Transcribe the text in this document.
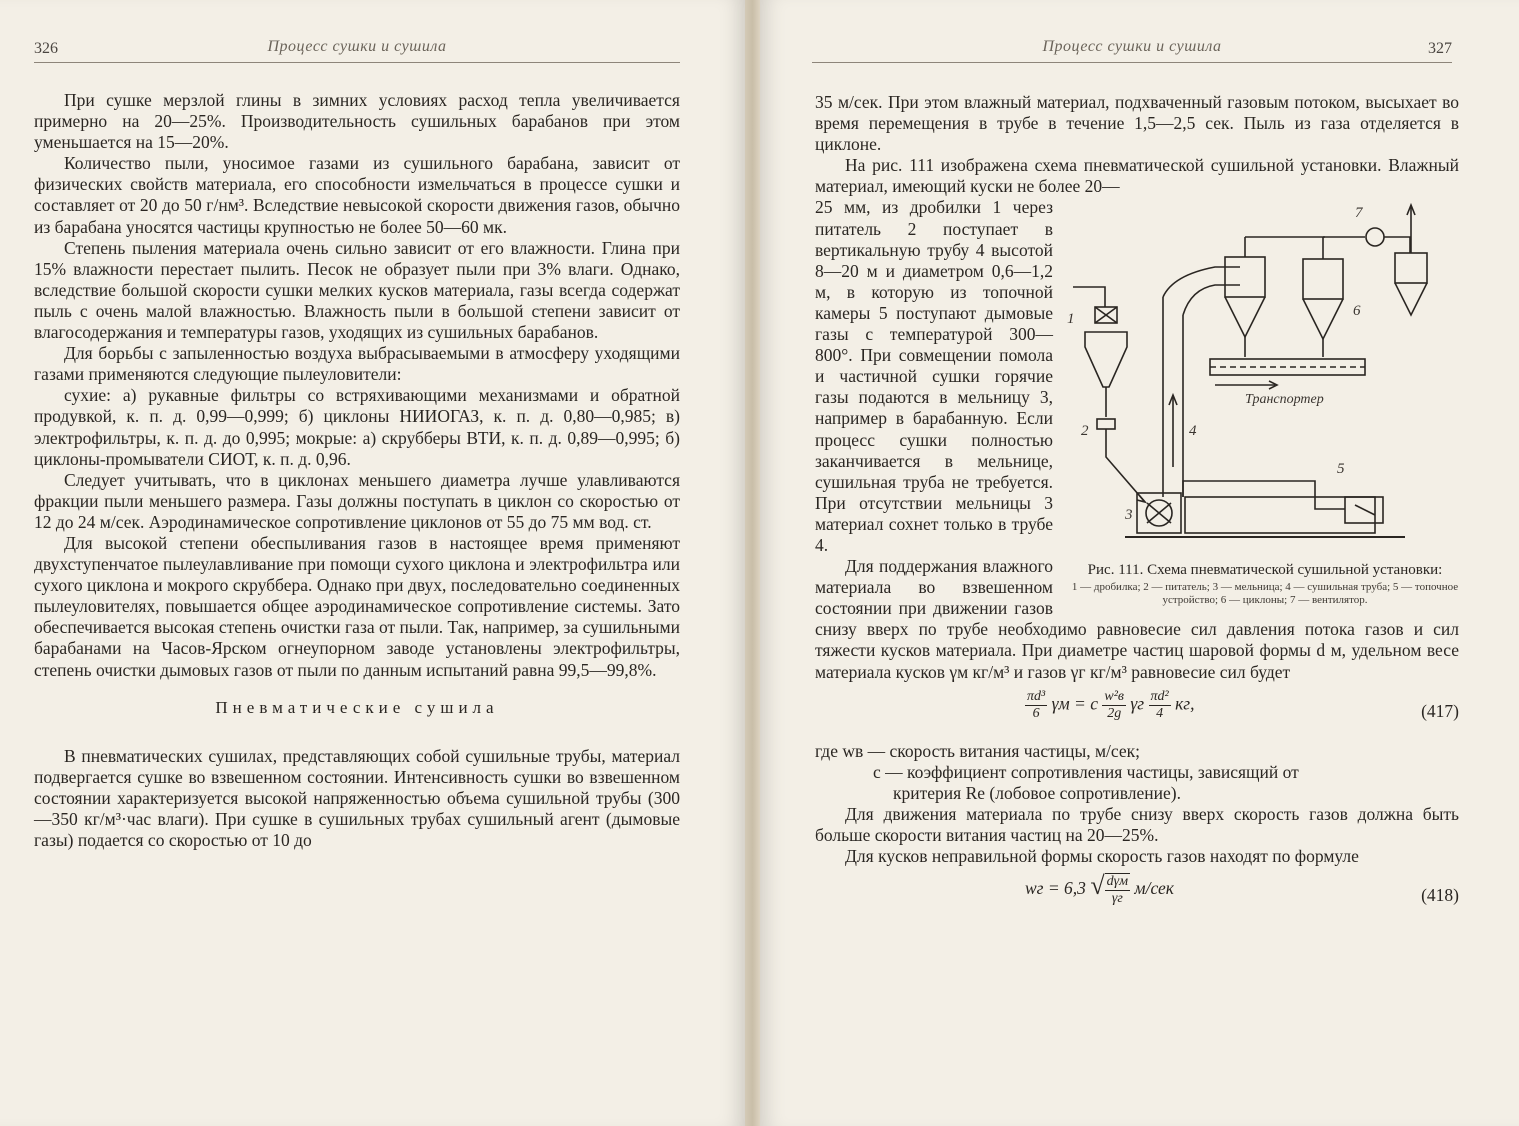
326	Процесс сушки и сушила

При сушке мерзлой глины в зимних условиях расход тепла увеличивается примерно на 20—25%. Производительность сушильных барабанов при этом уменьшается на 15—20%.

Количество пыли, уносимое газами из сушильного барабана, зависит от физических свойств материала, его способности измельчаться в процессе сушки и составляет от 20 до 50 г/нм³. Вследствие невысокой скорости движения газов, обычно из барабана уносятся частицы крупностью не более 50—60 мк.

Степень пыления материала очень сильно зависит от его влажности. Глина при 15% влажности перестает пылить. Песок не образует пыли при 3% влаги. Однако, вследствие большой скорости сушки мелких кусков материала, газы всегда содержат пыль с очень малой влажностью. Влажность пыли в большой степени зависит от влагосодержания и температуры газов, уходящих из сушильных барабанов.

Для борьбы с запыленностью воздуха выбрасываемыми в атмосферу уходящими газами применяются следующие пылеуловители:

сухие: а) рукавные фильтры со встряхивающими механизмами и обратной продувкой, к. п. д. 0,99—0,999; б) циклоны НИИОГАЗ, к. п. д. 0,80—0,985; в) электрофильтры, к. п. д. до 0,995; мокрые: а) скрубберы ВТИ, к. п. д. 0,89—0,995; б) циклоны-промыватели СИОТ, к. п. д. 0,96.

Следует учитывать, что в циклонах меньшего диаметра лучше улавливаются фракции пыли меньшего размера. Газы должны поступать в циклон со скоростью от 12 до 24 м/сек. Аэродинамическое сопротивление циклонов от 55 до 75 мм вод. ст.

Для высокой степени обеспыливания газов в настоящее время применяют двухступенчатое пылеулавливание при помощи сухого циклона и электрофильтра или сухого циклона и мокрого скруббера. Однако при двух, последовательно соединенных пылеуловителях, повышается общее аэродинамическое сопротивление системы. Зато обеспечивается высокая степень очистки газа от пыли. Так, например, за сушильными барабанами на Часов-Ярском огнеупорном заводе установлены электрофильтры, степень очистки дымовых газов от пыли по данным испытаний равна 99,5—99,8%.

Пневматические сушила

В пневматических сушилах, представляющих собой сушильные трубы, материал подвергается сушке во взвешенном состоянии. Интенсивность сушки во взвешенном состоянии характеризуется высокой напряженностью объема сушильной трубы (300—350 кг/м³·час влаги). При сушке в сушильных трубах сушильный агент (дымовые газы) подается со скоростью от 10 до

Процесс сушки и сушила	327

35 м/сек. При этом влажный материал, подхваченный газовым потоком, высыхает во время перемещения в трубе в течение 1,5—2,5 сек. Пыль из газа отделяется в циклоне.

На рис. 111 изображена схема пневматической сушильной установки. Влажный материал, имеющий куски не более 20—

1
2
3
4
5
6
7
Транспортер
Рис. 111. Схема пневматической сушильной установки:
1 — дробилка; 2 — питатель; 3 — мельница; 4 — сушильная труба; 5 — топочное устройство; 6 — циклоны; 7 — вентилятор.

25 мм, из дробилки 1 через питатель 2 поступает в вертикальную трубу 4 высотой 8—20 м и диаметром 0,6—1,2 м, в которую из топочной камеры 5 поступают дымовые газы с температурой 300—800°. При совмещении помола и частичной сушки горячие газы подаются в мельницу 3, например в барабанную. Если процесс сушки полностью заканчивается в мельнице, сушильная труба не требуется. При отсутствии мельницы 3 материал сохнет только в трубе 4.

Для поддержания влажного материала во взвешенном состоянии при движении газов снизу вверх по трубе необходимо равновесие сил давления потока газов и сил тяжести кусков материала. При диаметре частиц шаровой формы d м, удельном весе материала кусков γм кг/м³ и газов γг кг/м³ равновесие сил будет

$\frac{\text{πd³}}{6}$ γм = c $\frac{\text{w²в}}{2g}$ γг $\frac{\text{πd²}}{4}$ кг,	(417)
где wв — скорость витания частицы, м/сек;
c — коэффициент сопротивления частицы, зависящий от
критерия Re (лобовое сопротивление).

Для движения материала по трубе снизу вверх скорость газов должна быть больше скорости витания частиц на 20—25%.

Для кусков неправильной формы скорость газов находят по формуле

wг = 6,3 √ $\frac{\text{dγм}}{\gamma г} м/сек$	(418)
